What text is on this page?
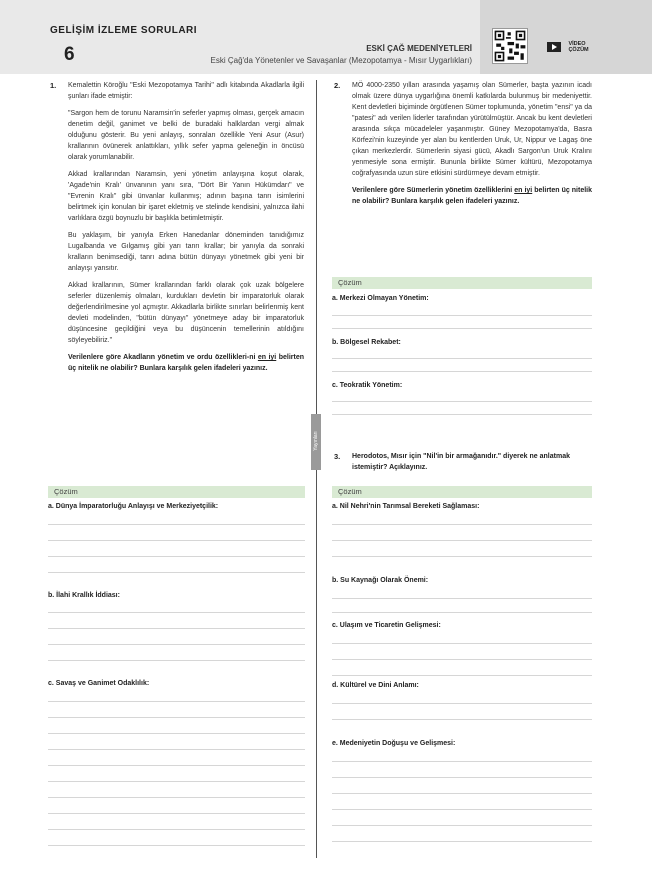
GELİŞİM İZLEME SORULARI
6	ESKİ ÇAĞ MEDENİYETLERİ
Eski Çağ'da Yönetenler ve Savaşanlar (Mezopotamya - Mısır Uygarlıkları)
VİDEO
ÇÖZÜM
1. Kemalettin Köroğlu "Eski Mezopotamya Tarihi" adlı kitabında Akadlarla ilgili şunları ifade etmiştir:

"Sargon hem de torunu Naramsin'in seferler yapmış olması, gerçek amacın denetim değil, ganimet ve belki de buradaki halklardan vergi almak olduğunu gösterir. Bu yeni anlayış, sonraları özellikle Yeni Asur (Asur) krallarının övünerek anlattıkları, yıllık sefer yapma geleneğin in öncüsü olarak yorumlanabilir.

Akkad krallarından Naramsin, yeni yönetim anlayışına koşut olarak, 'Agade'nin Kralı' ünvanının yanı sıra, "Dört Bir Yanın Hükümdarı" ve "Evrenin Kralı" gibi ünvanlar kullanmış; adının başına tanrı isimlerini belirtmek için konulan bir işaret ekletmiş ve stelinde kendisini, yalnızca ilahi varlıklara özgü boynuzlu bir başlıkla betimletmiştir.

Bu yaklaşım, bir yanıyla Erken Hanedanlar döneminden tanıdığımız Lugalbanda ve Gılgamış gibi yarı tanrı krallar; bir yanıyla da sonraki kralların benimsediği, tanrı adına bütün dünyayı yönetmek gibi yeni bir anlayışı yansıtır.

Akkad krallarının, Sümer krallarından farklı olarak çok uzak bölgelere seferler düzenlemiş olmaları, kurdukları devletin bir imparatorluk olarak değerlendirilmesine yol açmıştır. Akkadlarla birlikte sınırları belirlenmiş kent devleti modelinden, "bütün dünyayı" yönetmeye aday bir imparatorluk düşüncesine geçildiğini veya bu düşüncenin temellerinin atıldığını söyleyebiliriz."

Verilenlere göre Akadların yönetim ve ordu özellikleri-ni en iyi belirten üç nitelik ne olabilir? Bunlara karşılık gelen ifadeleri yazınız.

2. MÖ 4000-2350 yılları arasında yaşamış olan Sümerler, başta yazının icadı olmak üzere dünya uygarlığına önemli katkılarda bulunmuş bir medeniyettir. Kent devletleri biçiminde örgütlenen Sümer toplumunda, yönetim "ensi" ya da "patesi" adı verilen liderler tarafından yürütülmüştür. Ancak bu kent devletleri arasında sıkça mücadeleler yaşanmıştır. Güney Mezopotamya'da, Basra Körfezi'nin kuzeyinde yer alan bu kentlerden Uruk, Ur, Nippur ve Lagaş öne çıkan merkezlerdir. Sümerlerin siyasi gücü, Akadlı Sargon'un Uruk Kralını yenmesiyle sona ermiştir. Bununla birlikte Sümer kültürü, Mezopotamya coğrafyasında uzun süre etkisini sürdürmeye devam etmiştir.

Verilenlere göre Sümerlerin yönetim özelliklerini en iyi belirten üç nitelik ne olabilir? Bunlara karşılık gelen ifadeleri yazınız.

Yayınları
Çözüm
a. Merkezi Olmayan Yönetim:
b. Bölgesel Rekabet:
c. Teokratik Yönetim:
3. Herodotos, Mısır için "Nil'in bir armağanıdır." diyerek ne anlatmak istemiştir? Açıklayınız.
Çözüm
a. Dünya İmparatorluğu Anlayışı ve Merkeziyetçilik:
b. İlahi Krallık İddiası:
c. Savaş ve Ganimet Odaklılık:
Çözüm
a. Nil Nehri'nin Tarımsal Bereketi Sağlaması:
b. Su Kaynağı Olarak Önemi:
c. Ulaşım ve Ticaretin Gelişmesi:
d. Kültürel ve Dini Anlamı:
e. Medeniyetin Doğuşu ve Gelişmesi:
